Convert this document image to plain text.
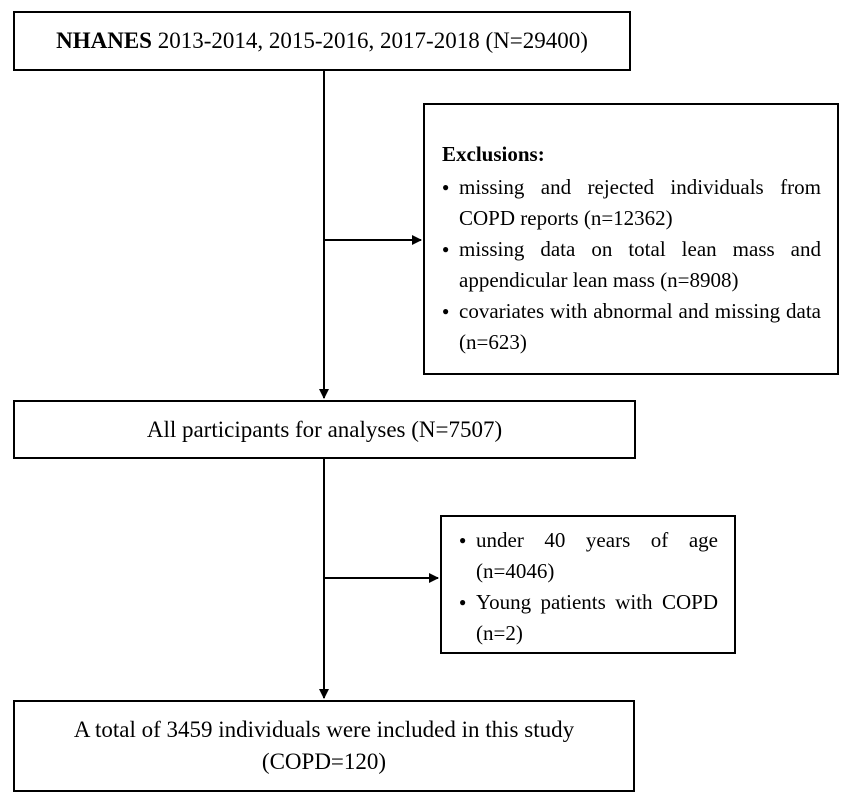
NHANES 2013-2014, 2015-2016, 2017-2018 (N=29400)
Exclusions:
● missing and rejected individuals from COPD reports (n=12362)
● missing data on total lean mass and appendicular lean mass (n=8908)
● covariates with abnormal and missing data (n=623)
All participants for analyses (N=7507)
● under 40 years of age (n=4046)
● Young patients with COPD (n=2)
A total of 3459 individuals were included in this study
(COPD=120)
